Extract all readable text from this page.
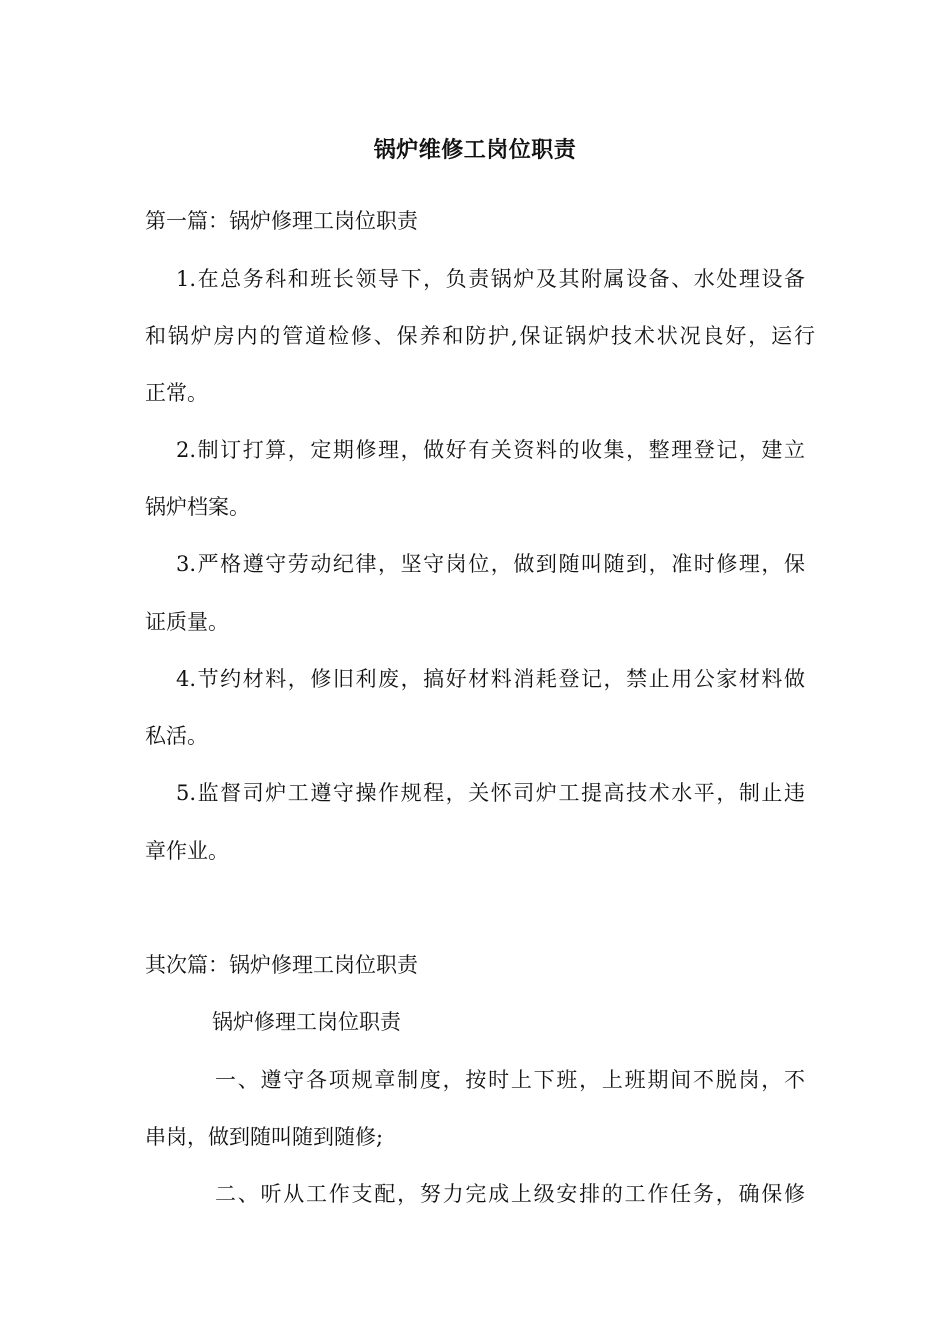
锅炉维修工岗位职责
第一篇：锅炉修理工岗位职责
1.在总务科和班长领导下，负责锅炉及其附属设备、水处理设备
和锅炉房内的管道检修、保养和防护,保证锅炉技术状况良好，运行
正常。
2.制订打算，定期修理，做好有关资料的收集，整理登记，建立
锅炉档案。
3.严格遵守劳动纪律，坚守岗位，做到随叫随到，准时修理，保
证质量。
4.节约材料，修旧利废，搞好材料消耗登记，禁止用公家材料做
私活。
5.监督司炉工遵守操作规程，关怀司炉工提高技术水平，制止违
章作业。
其次篇：锅炉修理工岗位职责
锅炉修理工岗位职责
一、遵守各项规章制度，按时上下班，上班期间不脱岗，不
串岗，做到随叫随到随修;
二、听从工作支配，努力完成上级安排的工作任务，确保修
